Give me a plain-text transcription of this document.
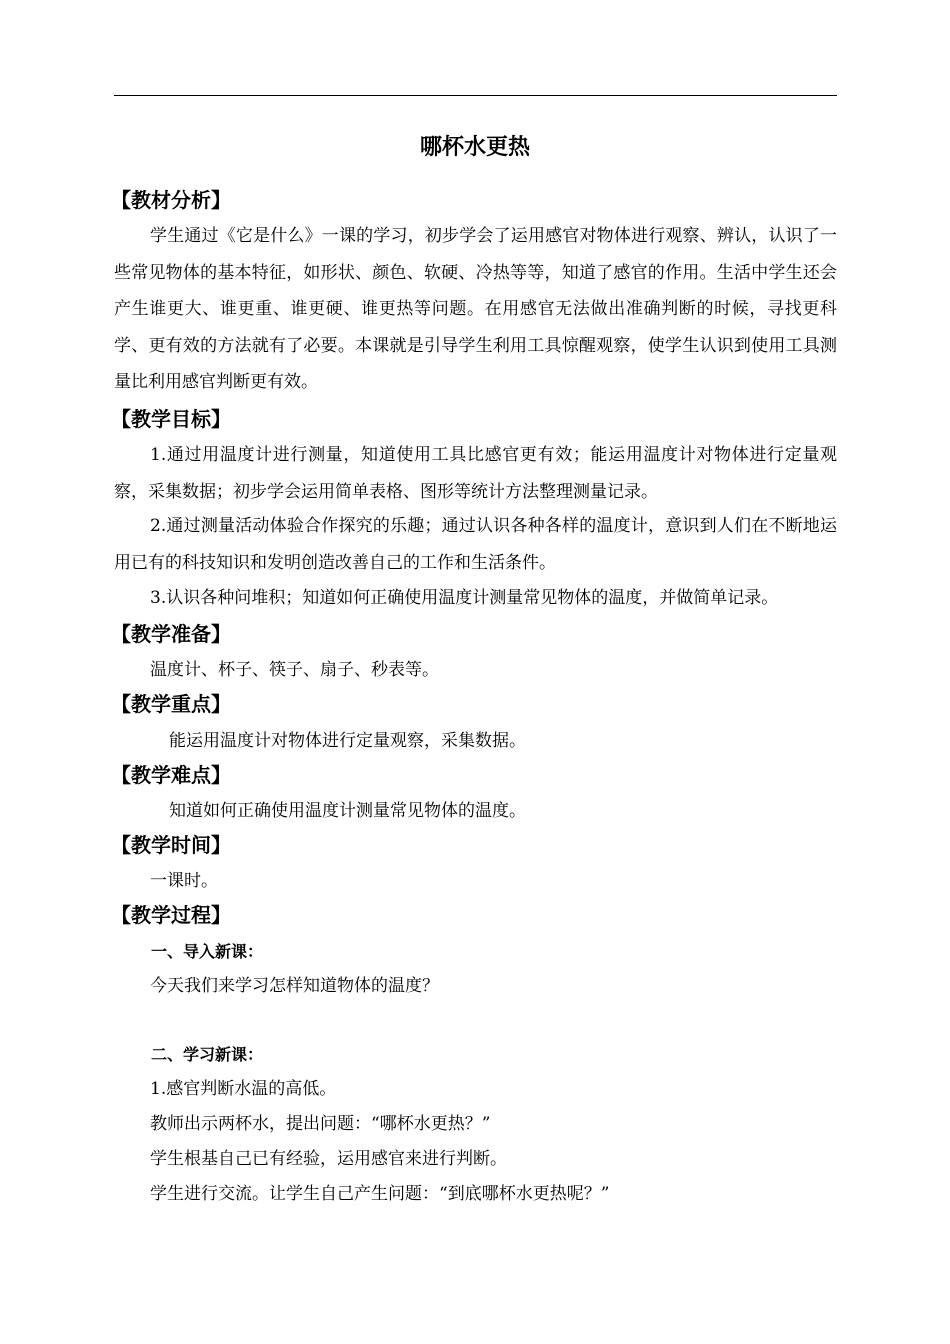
哪杯水更热
【教材分析】

学生通过《它是什么》一课的学习，初步学会了运用感官对物体进行观察、辨认，认识了一些常见物体的基本特征，如形状、颜色、软硬、冷热等等，知道了感官的作用。生活中学生还会产生谁更大、谁更重、谁更硬、谁更热等问题。在用感官无法做出准确判断的时候，寻找更科学、更有效的方法就有了必要。本课就是引导学生利用工具惊醒观察，使学生认识到使用工具测量比利用感官判断更有效。

【教学目标】

1.通过用温度计进行测量，知道使用工具比感官更有效；能运用温度计对物体进行定量观察，采集数据；初步学会运用简单表格、图形等统计方法整理测量记录。

2.通过测量活动体验合作探究的乐趣；通过认识各种各样的温度计，意识到人们在不断地运用已有的科技知识和发明创造改善自己的工作和生活条件。

3.认识各种问堆积；知道如何正确使用温度计测量常见物体的温度，并做简单记录。

【教学准备】
温度计、杯子、筷子、扇子、秒表等。
【教学重点】
能运用温度计对物体进行定量观察，采集数据。
【教学难点】
知道如何正确使用温度计测量常见物体的温度。
【教学时间】
一课时。
【教学过程】
一、导入新课：
今天我们来学习怎样知道物体的温度？
二、学习新课：
1.感官判断水温的高低。
教师出示两杯水，提出问题：“哪杯水更热？”
学生根基自己已有经验，运用感官来进行判断。
学生进行交流。让学生自己产生问题：“到底哪杯水更热呢？”
